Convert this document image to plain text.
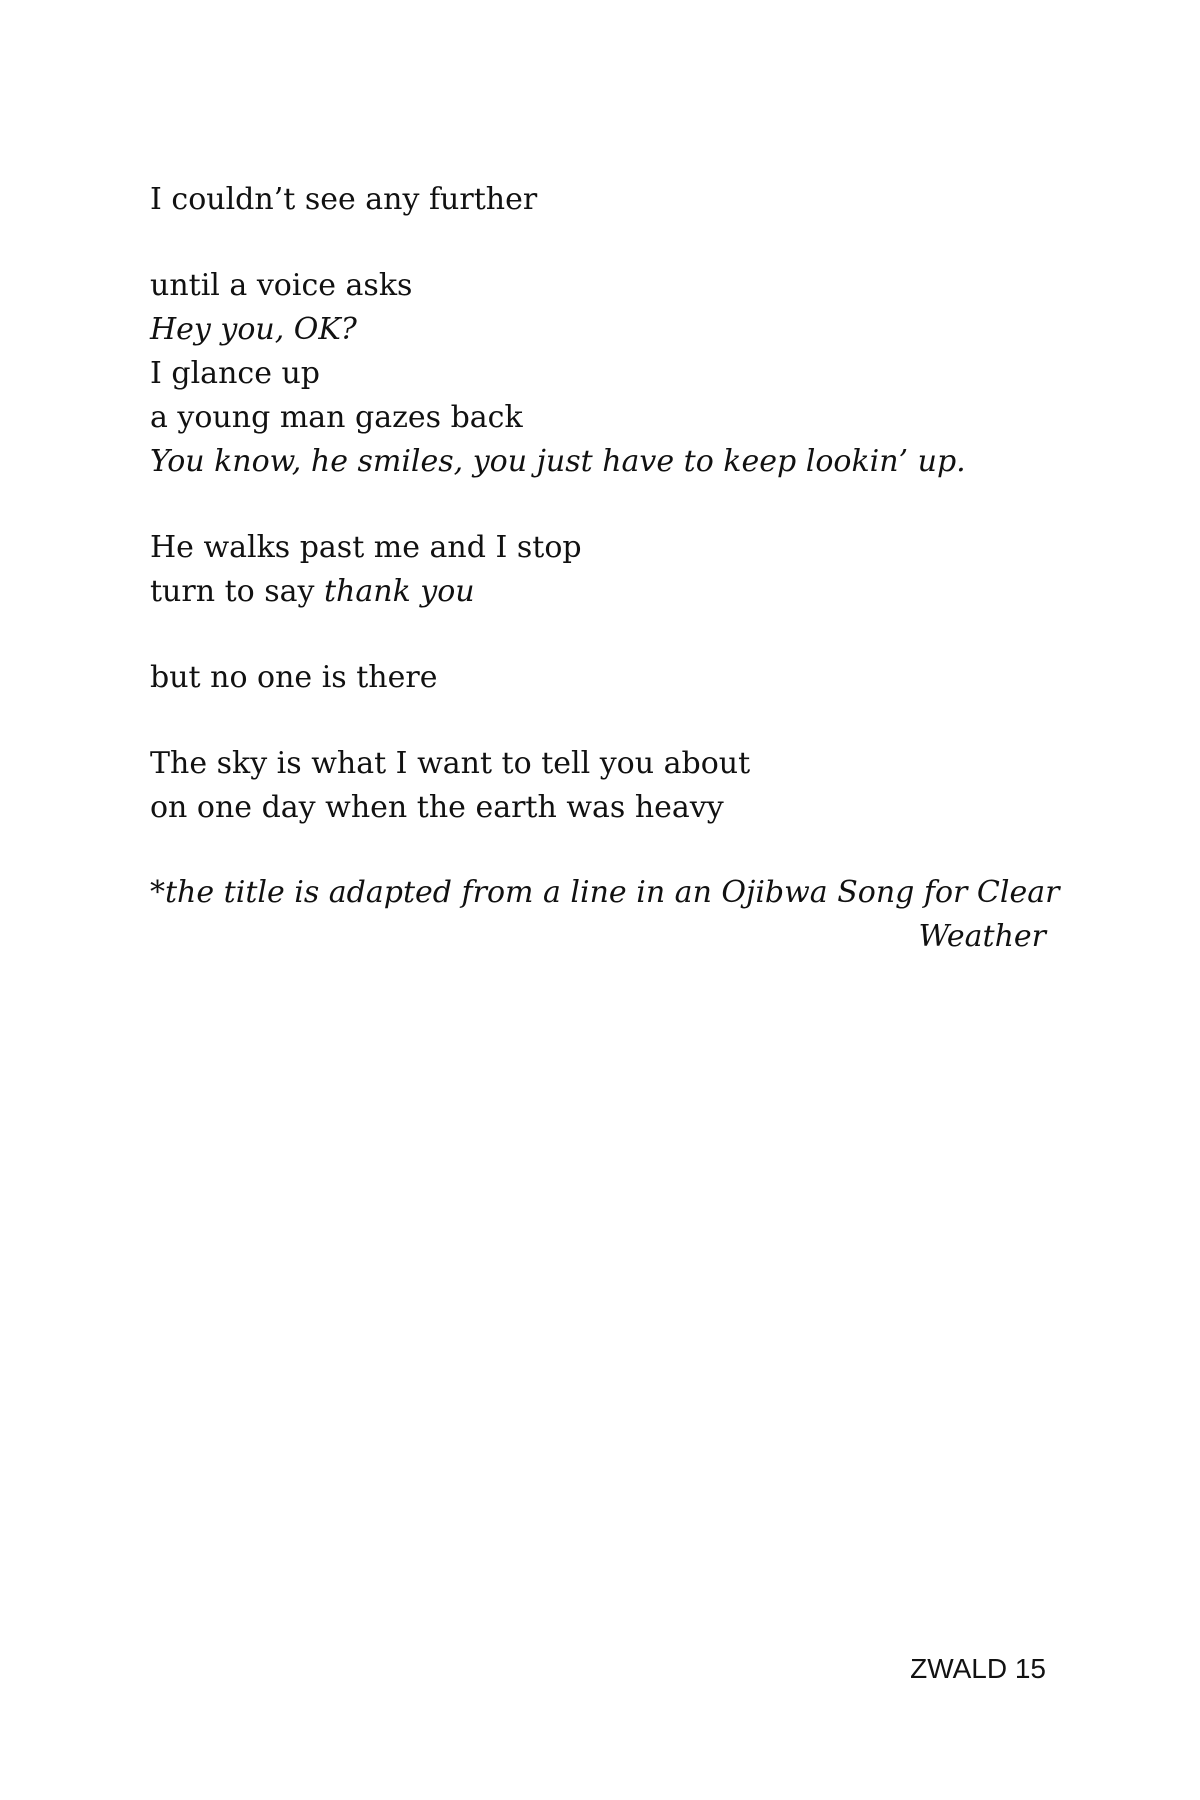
I couldn’t see any further
until a voice asks
Hey you, OK?
I glance up
a young man gazes back
You know, he smiles, you just have to keep lookin’ up.
He walks past me and I stop
turn to say thank you
but no one is there
The sky is what I want to tell you about
on one day when the earth was heavy
*the title is adapted from a line in an Ojibwa Song for Clear
Weather
ZWALD 15
